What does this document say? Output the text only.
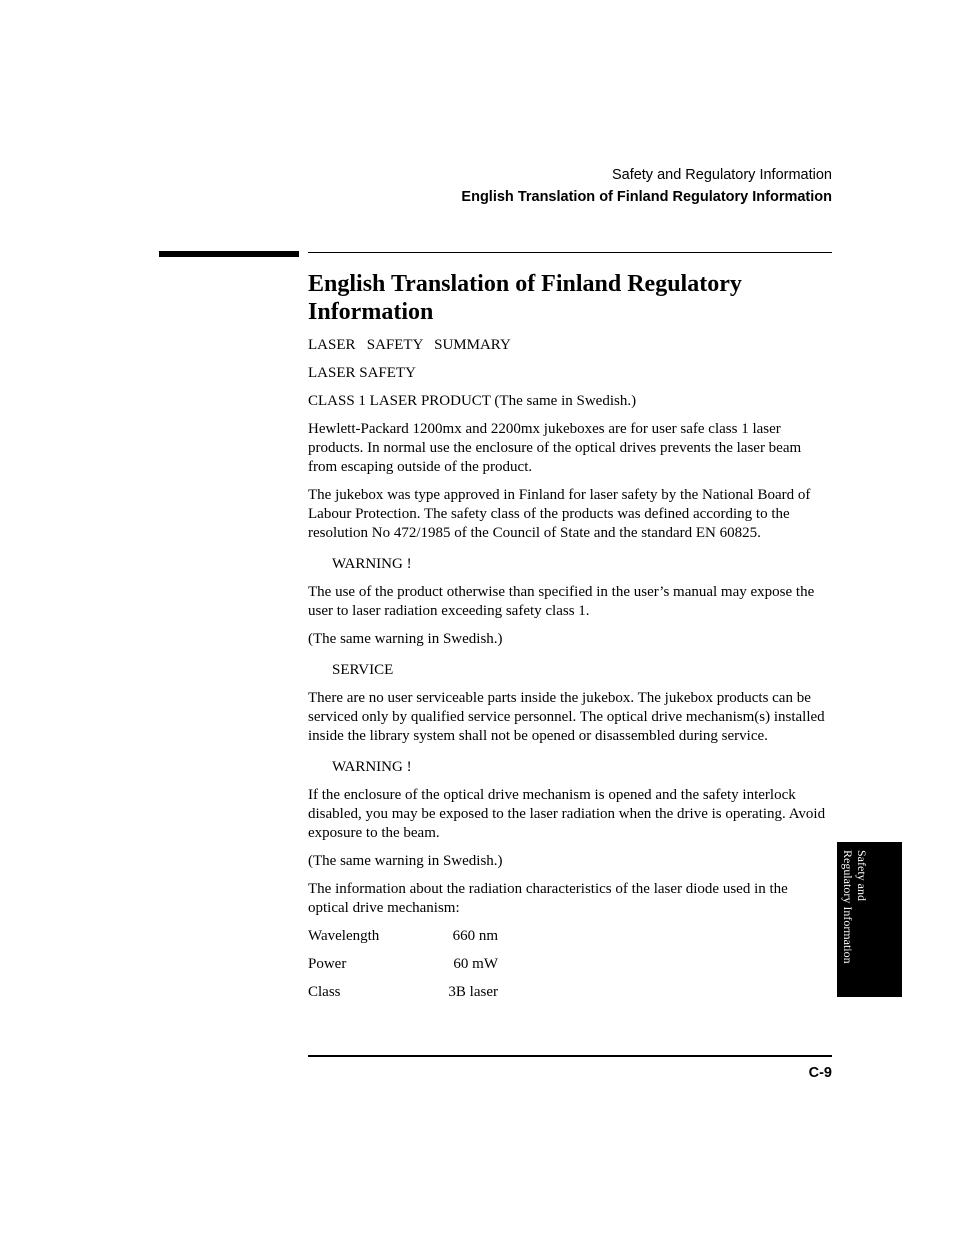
Safety and Regulatory Information
English Translation of Finland Regulatory Information
English Translation of Finland Regulatory Information

LASER   SAFETY   SUMMARY

LASER SAFETY

CLASS 1 LASER PRODUCT (The same in Swedish.)

Hewlett-Packard 1200mx and 2200mx jukeboxes are for user safe class 1 laser products. In normal use the enclosure of the optical drives prevents the laser beam from escaping outside of the product.

The jukebox was type approved in Finland for laser safety by the National Board of Labour Protection. The safety class of the products was defined according to the resolution No 472/1985 of the Council of State and the standard EN 60825.

WARNING !

The use of the product otherwise than specified in the user’s manual may expose the user to laser radiation exceeding safety class 1.

(The same warning in Swedish.)

SERVICE

There are no user serviceable parts inside the jukebox. The jukebox products can be serviced only by qualified service personnel. The optical drive mechanism(s) installed inside the library system shall not be opened or disassembled during service.

WARNING !

If the enclosure of the optical drive mechanism is opened and the safety interlock disabled, you may be exposed to the laser radiation when the drive is operating. Avoid exposure to the beam.

(The same warning in Swedish.)

The information about the radiation characteristics of the laser diode used in the optical drive mechanism:

Wavelength	660 nm
Power	60 mW
Class	3B laser
Safety and
Regulatory Information
C-9
